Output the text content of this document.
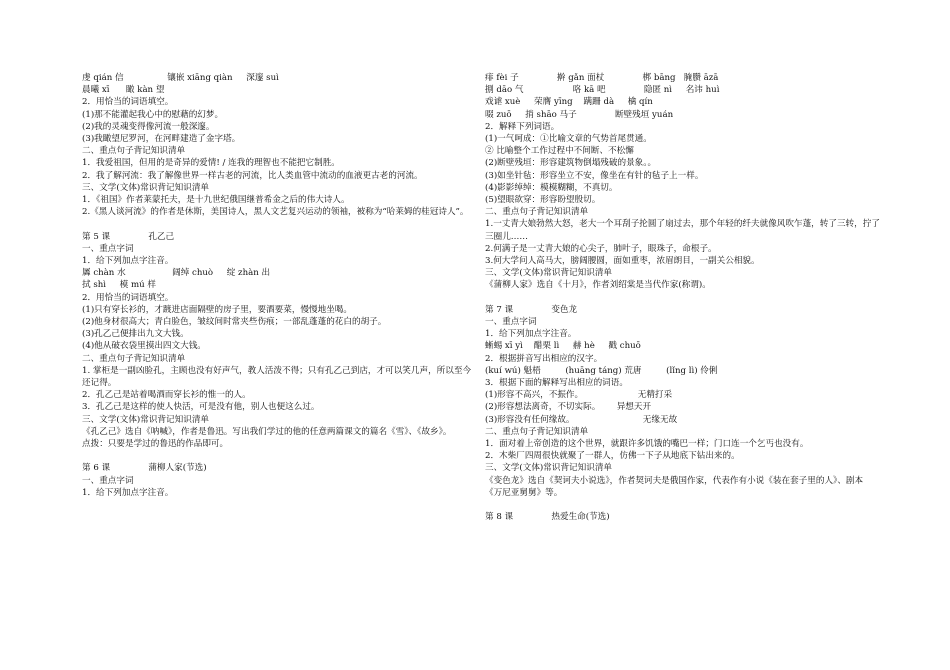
虔 qián 信                镶嵌 xiāng qiàn     深邃 suì
晨曦 xī      瞰 kàn 望
2．用恰当的词语填空。
(1)那不能灌起我心中的慰藉的幻梦。
(2)我的灵魂变得像河流一般深邃。
(3)我瞰望尼罗河，在河畔建造了金字塔。
二、重点句子背记知识清单
1．我爱祖国，但用的是奇异的爱情! / 连我的理智也不能把它制胜。
2．我了解河流：我了解像世界一样古老的河流，比人类血管中流动的血液更古老的河流。
三、文学(文体)常识背记知识清单
1．《祖国》作者莱蒙托夫，是十九世纪俄国继普希金之后的伟大诗人。
2.《黑人谈河流》的作者是休斯，美国诗人，黑人文艺复兴运动的领袖，被称为“哈莱姆的桂冠诗人”。
第 5 课              孔乙己
一、重点字词
1．给下列加点字注音。
羼 chàn 水                 阔绰 chuò     绽 zhàn 出
拭 shì     模 mú 样
2．用恰当的词语填空。
(1)只有穿长衫的，才踱进店面隔壁的房子里，要酒要菜，慢慢地坐喝。
(2)他身材很高大；青白脸色，皱纹间时常夹些伤痕；一部乱蓬蓬的花白的胡子。
(3)孔乙己便排出九文大钱。
(4)他从破衣袋里摸出四文大钱。
二、重点句子背记知识清单
1. 掌柜是一副凶脸孔，主顾也没有好声气，教人活泼不得；只有孔乙己到店，才可以笑几声，所以至今还记得。
2．孔乙己是站着喝酒而穿长衫的惟一的人。
3．孔乙己是这样的使人快活，可是没有他，别人也便这么过。
三、文学(文体)常识背记知识清单
《孔乙己》选自《呐喊》，作者是鲁迅。写出我们学过的他的任意两篇课文的篇名《雪》、《故乡》。
点拨：只要是学过的鲁迅的作品即可。
第 6 课              蒲柳人家(节选)
一、重点字词
1．给下列加点字注音。
痱 fèi 子              擀 gǎn 面杖              梆 bāng   腌臜 āzā
捌 dāo 气                  咯 kā 吧              隐匿 nì     名讳 huì
戏谑 xuè     荣膺 yīng    蹒跚 dà     檎 qín
啜 zuō     捎 shāo 马子              断壁残垣 yuán
2．解释下列词语。
(1)一气呵成：①比喻文章的气势首尾贯通。
② 比喻整个工作过程中不间断、不松懈
(2)断壁残垣：形容建筑物倒塌残破的景象。。
(3)如坐针毡：形容坐立不安，像坐在有针的毡子上一样。
(4)影影绰绰：模模糊糊，不真切。
(5)望眼欲穿：形容盼望殷切。
二、重点句子背记知识清单
1.一丈青大娘勃然大怒，老大一个耳刮子抡圆了扇过去，那个年轻的纤夫就像风吹乍蓬，转了三转，拧了三圈儿……
2.何满子是一丈青大娘的心尖子，肺叶子，眼珠子，命根子。
3.何大学问人高马大，膀阔腰圆，面如重枣，浓眉朗目，一副关公相貌。
三、文学(文体)常识背记知识清单
《蒲柳人家》选自《十月》，作者刘绍棠是当代作家(称谓)。
第 7 课              变色龙
一、重点字词
1．给下列加点字注音。
蜥蜴 xī yì    醋栗 lì     赫 hè     戳 chuō
2．根据拼音写出相应的汉字。
(kuí wú) 魁梧         (huāng táng) 荒唐         (lǐng lì) 伶俐
3．根据下面的解释写出相应的词语。
(1)形容不高兴，不振作。                    无精打采
(2)形容想法离奇，不切实际。      异想天开
(3)形容没有任何缘故。                         无缘无故
二、重点句子背记知识清单
1．面对着上帝创造的这个世界，就跟许多饥饿的嘴巴一样；门口连一个乞丐也没有。
2．木柴厂四周很快就聚了一群人，仿佛一下子从地底下钻出来的。
三、文学(文体)常识背记知识清单
《变色龙》选自《契诃夫小说选》，作者契诃夫是俄国作家，代表作有小说《装在套子里的人》、剧本《万尼亚舅舅》等。
第 8 课              热爱生命(节选)
